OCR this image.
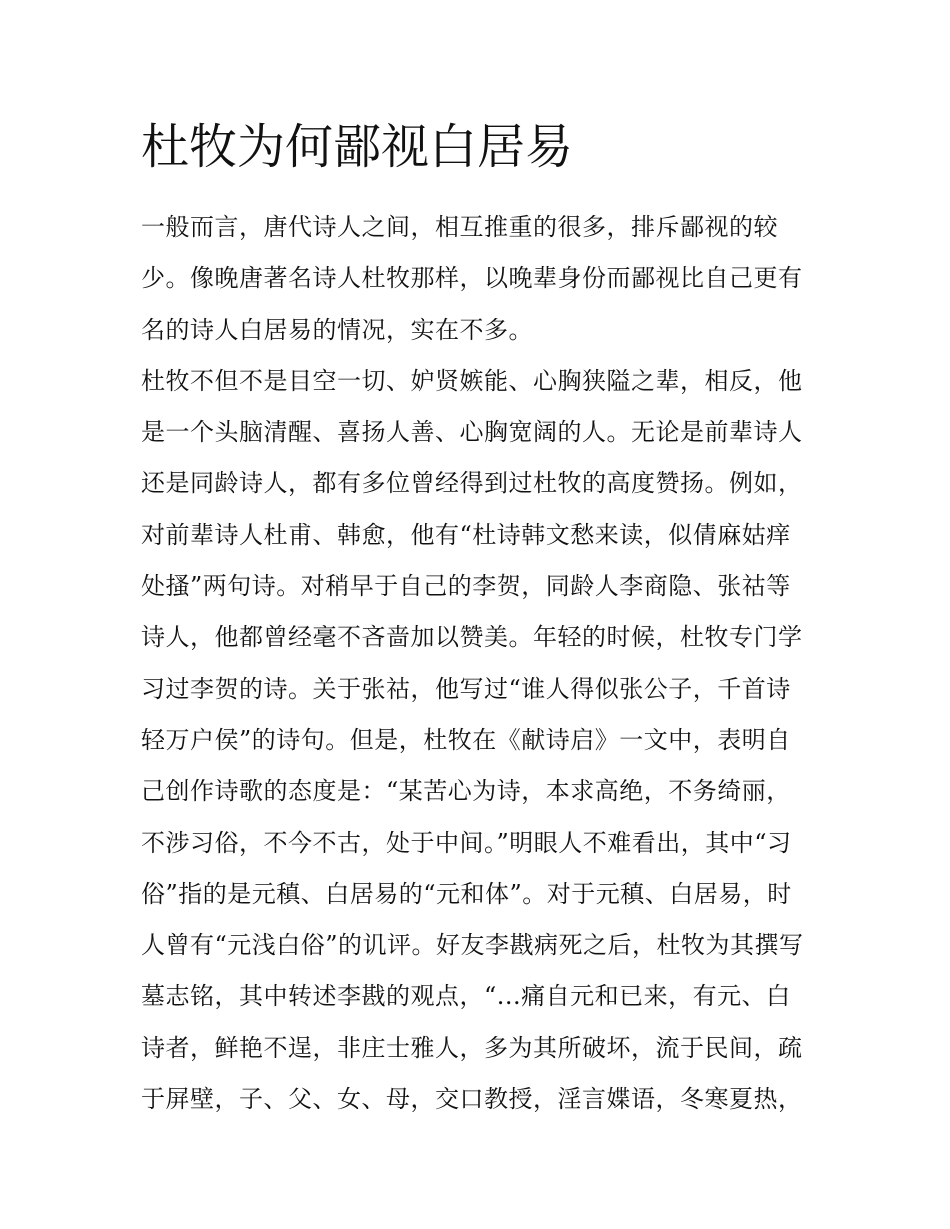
杜牧为何鄙视白居易
一般而言，唐代诗人之间，相互推重的很多，排斥鄙视的较
少。像晚唐著名诗人杜牧那样，以晚辈身份而鄙视比自己更有
名的诗人白居易的情况，实在不多。
杜牧不但不是目空一切、妒贤嫉能、心胸狭隘之辈，相反，他
是一个头脑清醒、喜扬人善、心胸宽阔的人。无论是前辈诗人
还是同龄诗人，都有多位曾经得到过杜牧的高度赞扬。例如，
对前辈诗人杜甫、韩愈，他有“杜诗韩文愁来读，似倩麻姑痒
处搔”两句诗。对稍早于自己的李贺，同龄人李商隐、张祜等
诗人，他都曾经毫不吝啬加以赞美。年轻的时候，杜牧专门学
习过李贺的诗。关于张祜，他写过“谁人得似张公子，千首诗
轻万户侯”的诗句。但是，杜牧在《献诗启》一文中，表明自
己创作诗歌的态度是：“某苦心为诗，本求高绝，不务绮丽，
不涉习俗，不今不古，处于中间。”明眼人不难看出，其中“习
俗”指的是元稹、白居易的“元和体”。对于元稹、白居易，时
人曾有“元浅白俗”的讥评。好友李戡病死之后，杜牧为其撰写
墓志铭，其中转述李戡的观点，“...痛自元和已来，有元、白
诗者，鲜艳不逞，非庄士雅人，多为其所破坏，流于民间，疏
于屏壁，子、父、女、母，交口教授，淫言媟语，冬寒夏热，
